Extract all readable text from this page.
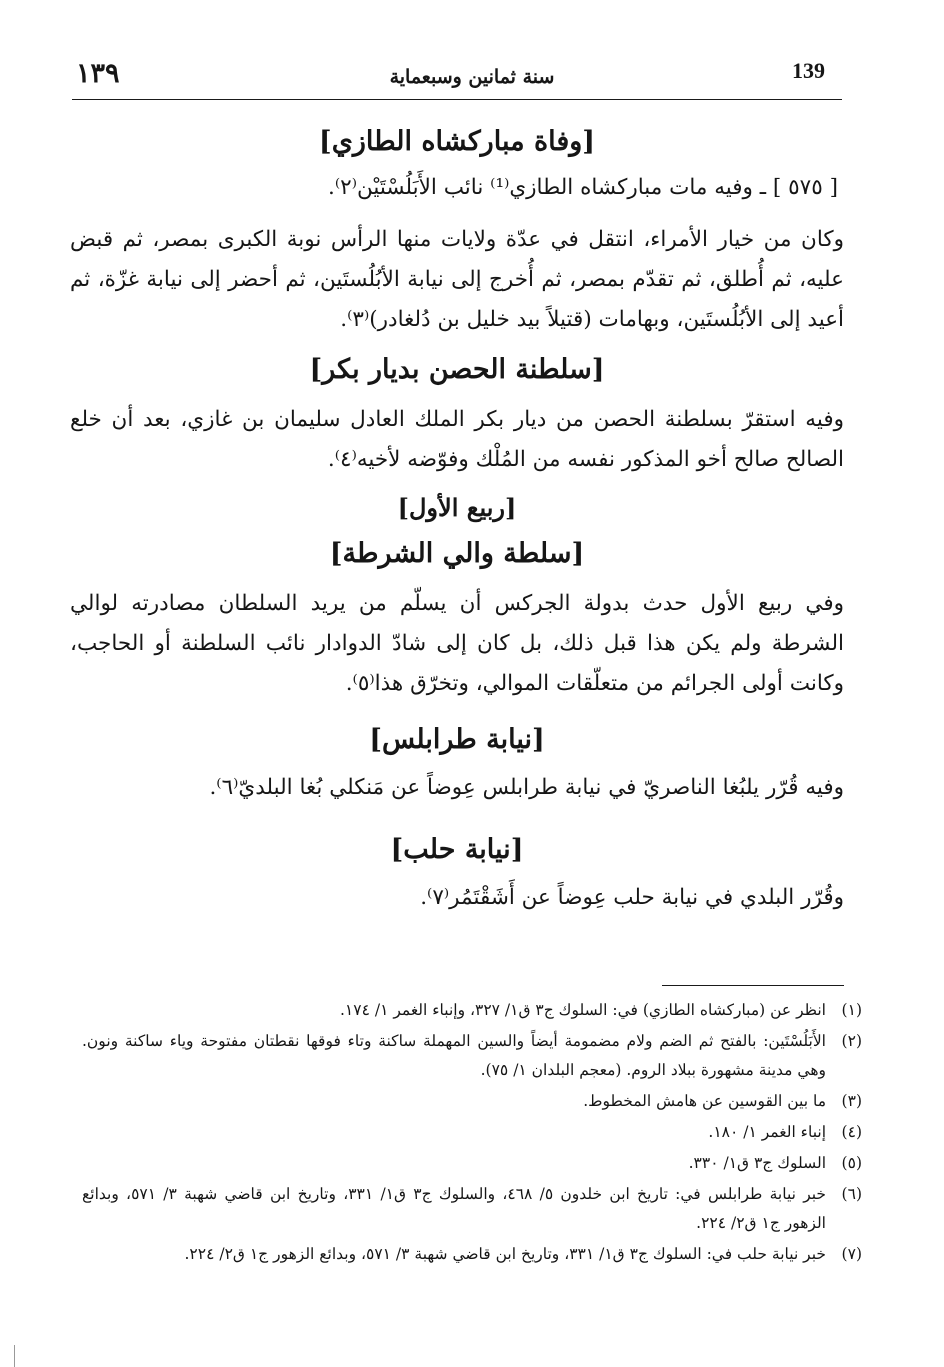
١٣٩	سنة ثمانين وسبعماية	139
[وفاة مباركشاه الطازي]

[ ٥٧٥ ] ـ وفيه مات مباركشاه الطازي⁽¹⁾ نائب الأَبَلُسْتَيْن⁽٢⁾.

وكان من خيار الأمراء، انتقل في عدّة ولايات منها الرأس نوبة الكبرى بمصر، ثم قبض عليه، ثم أُطلق، ثم تقدّم بمصر، ثم أُخرج إلى نيابة الأبُلُستَين، ثم أحضر إلى نيابة غزّة، ثم أعيد إلى الأبُلُستَين، وبهامات (قتيلاً بيد خليل بن دُلغادر)⁽٣⁾.

[سلطنة الحصن بديار بكر]

وفيه استقرّ بسلطنة الحصن من ديار بكر الملك العادل سليمان بن غازي، بعد أن خلع الصالح صالح أخو المذكور نفسه من المُلْك وفوّضه لأخيه⁽٤⁾.

[ربيع الأول]
[سلطة والي الشرطة]

وفي ربيع الأول حدث بدولة الجركس أن يسلّم من يريد السلطان مصادرته لوالي الشرطة ولم يكن هذا قبل ذلك، بل كان إلى شادّ الدوادار نائب السلطنة أو الحاجب، وكانت أولى الجرائم من متعلّقات الموالي، وتخرّق هذا⁽٥⁾.

[نيابة طرابلس]

وفيه قُرّر يلبُغا الناصريّ في نيابة طرابلس عِوضاً عن مَنكلي بُغا البلديّ⁽٦⁾.

[نيابة حلب]

وقُرّر البلدي في نيابة حلب عِوضاً عن أَشَقْتَمُر⁽٧⁾.

(١)
انظر عن (مباركشاه الطازي) في: السلوك ج٣ ق١/ ٣٢٧، وإنباء الغمر ١/ ١٧٤.
(٢)
الأَبَلُسْتَين: بالفتح ثم الضم ولام مضمومة أيضاً والسين المهملة ساكنة وتاء فوقها نقطتان مفتوحة وياء ساكنة ونون. وهي مدينة مشهورة ببلاد الروم. (معجم البلدان ١/ ٧٥).
(٣)
ما بين القوسين عن هامش المخطوط.
(٤)
إنباء الغمر ١/ ١٨٠.
(٥)
السلوك ج٣ ق١/ ٣٣٠.
(٦)
خبر نيابة طرابلس في: تاريخ ابن خلدون ٥/ ٤٦٨، والسلوك ج٣ ق١/ ٣٣١، وتاريخ ابن قاضي شهبة ٣/ ٥٧١، وبدائع الزهور ج١ ق٢/ ٢٢٤.
(٧)
خبر نيابة حلب في: السلوك ج٣ ق١/ ٣٣١، وتاريخ ابن قاضي شهبة ٣/ ٥٧١، وبدائع الزهور ج١ ق٢/ ٢٢٤.
